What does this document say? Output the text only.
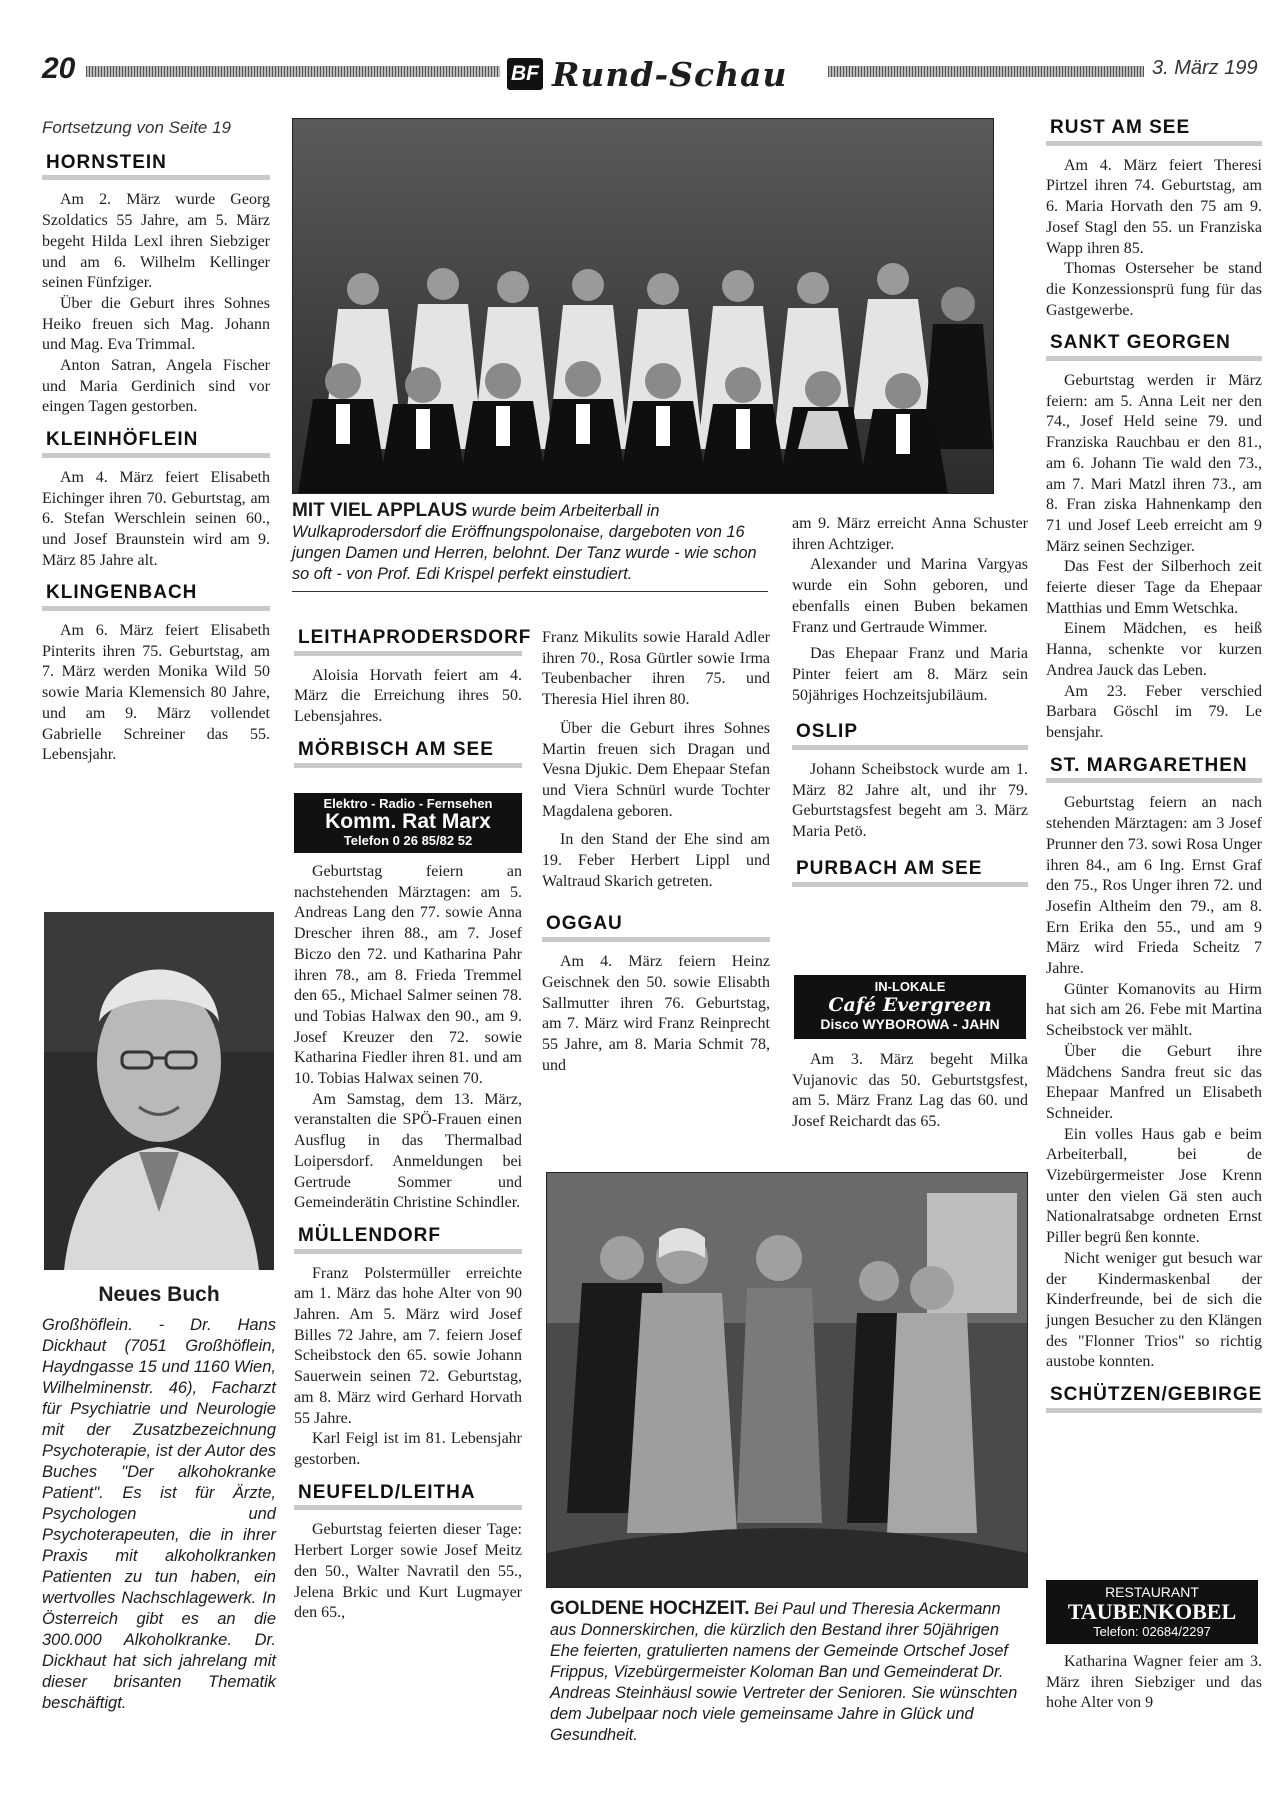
20	BF Rund-Schau	3. März 199
Fortsetzung von Seite 19
HORNSTEIN

Am 2. März wurde Georg Szoldatics 55 Jahre, am 5. März begeht Hilda Lexl ihren Siebziger und am 6. Wilhelm Kellinger seinen Fünfziger.

Über die Geburt ihres Sohnes Heiko freuen sich Mag. Johann und Mag. Eva Trimmal.

Anton Satran, Angela Fischer und Maria Gerdinich sind vor eingen Tagen gestorben.

KLEINHÖFLEIN

Am 4. März feiert Elisabeth Eichinger ihren 70. Geburtstag, am 6. Stefan Werschlein seinen 60., und Josef Braunstein wird am 9. März 85 Jahre alt.

KLINGENBACH

Am 6. März feiert Elisabeth Pinterits ihren 75. Geburtstag, am 7. März werden Monika Wild 50 sowie Maria Klemensich 80 Jahre, und am 9. März vollendet Gabrielle Schreiner das 55. Lebensjahr.

Neues Buch
Großhöflein. - Dr. Hans Dickhaut (7051 Großhöflein, Haydngasse 15 und 1160 Wien, Wilhelminenstr. 46), Facharzt für Psychiatrie und Neurologie mit der Zusatzbezeichnung Psychoterapie, ist der Autor des Buches "Der alkohokranke Patient". Es ist für Ärzte, Psychologen und Psychoterapeuten, die in ihrer Praxis mit alkoholkranken Patienten zu tun haben, ein wertvolles Nachschlagewerk. In Österreich gibt es an die 300.000 Alkoholkranke. Dr. Dickhaut hat sich jahrelang mit dieser brisanten Thematik beschäftigt.
MIT VIEL APPLAUS wurde beim Arbeiterball in Wulkaprodersdorf die Eröffnungspolonaise, dargeboten von 16 jungen Damen und Herren, belohnt. Der Tanz wurde - wie schon so oft - von Prof. Edi Krispel perfekt einstudiert.
LEITHAPRODERSDORF

Aloisia Horvath feiert am 4. März die Erreichung ihres 50. Lebensjahres.

MÖRBISCH AM SEE
Elektro - Radio - Fernsehen
Komm. Rat Marx
Telefon 0 26 85/82 52

Geburtstag feiern an nachstehenden Märztagen: am 5. Andreas Lang den 77. sowie Anna Drescher ihren 88., am 7. Josef Biczo den 72. und Katharina Pahr ihren 78., am 8. Frieda Tremmel den 65., Michael Salmer seinen 78. und Tobias Halwax den 90., am 9. Josef Kreuzer den 72. sowie Katharina Fiedler ihren 81. und am 10. Tobias Halwax seinen 70.

Am Samstag, dem 13. März, veranstalten die SPÖ-Frauen einen Ausflug in das Thermalbad Loipersdorf. Anmeldungen bei Gertrude Sommer und Gemeinderätin Christine Schindler.

MÜLLENDORF

Franz Polstermüller erreichte am 1. März das hohe Alter von 90 Jahren. Am 5. März wird Josef Billes 72 Jahre, am 7. feiern Josef Scheibstock den 65. sowie Johann Sauerwein seinen 72. Geburtstag, am 8. März wird Gerhard Horvath 55 Jahre.

Karl Feigl ist im 81. Lebensjahr gestorben.

NEUFELD/LEITHA

Geburtstag feierten dieser Tage: Herbert Lorger sowie Josef Meitz den 50., Walter Navratil den 55., Jelena Brkic und Kurt Lugmayer den 65.,

Franz Mikulits sowie Harald Adler ihren 70., Rosa Gürtler sowie Irma Teubenbacher ihren 75. und Theresia Hiel ihren 80.

Über die Geburt ihres Sohnes Martin freuen sich Dragan und Vesna Djukic. Dem Ehepaar Stefan und Viera Schnürl wurde Tochter Magdalena geboren.

In den Stand der Ehe sind am 19. Feber Herbert Lippl und Waltraud Skarich getreten.

OGGAU

Am 4. März feiern Heinz Geischnek den 50. sowie Elisabth Sallmutter ihren 76. Geburtstag, am 7. März wird Franz Reinprecht 55 Jahre, am 8. Maria Schmit 78, und

am 9. März erreicht Anna Schuster ihren Achtziger.

Alexander und Marina Vargyas wurde ein Sohn geboren, und ebenfalls einen Buben bekamen Franz und Gertraude Wimmer.

Das Ehepaar Franz und Maria Pinter feiert am 8. März sein 50jähriges Hochzeitsjubiläum.

OSLIP

Johann Scheibstock wurde am 1. März 82 Jahre alt, und ihr 79. Geburtstagsfest begeht am 3. März Maria Petö.

PURBACH AM SEE
IN-LOKALE
Café Evergreen
Disco WYBOROWA - JAHN

Am 3. März begeht Milka Vujanovic das 50. Geburtstgsfest, am 5. März Franz Lag das 60. und Josef Reichardt das 65.

GOLDENE HOCHZEIT. Bei Paul und Theresia Ackermann aus Donnerskirchen, die kürzlich den Bestand ihrer 50jährigen Ehe feierten, gratulierten namens der Gemeinde Ortschef Josef Frippus, Vizebürgermeister Koloman Ban und Gemeinderat Dr. Andreas Steinhäusl sowie Vertreter der Senioren. Sie wünschten dem Jubelpaar noch viele gemeinsame Jahre in Glück und Gesundheit.
RUST AM SEE

Am 4. März feiert Theresi Pirtzel ihren 74. Geburtstag, am 6. Maria Horvath den 75 am 9. Josef Stagl den 55. un Franziska Wapp ihren 85.

Thomas Osterseher be stand die Konzessionsprü fung für das Gastgewerbe.

SANKT GEORGEN

Geburtstag werden ir März feiern: am 5. Anna Leit ner den 74., Josef Held seine 79. und Franziska Rauchbau er den 81., am 6. Johann Tie wald den 73., am 7. Mari Matzl ihren 73., am 8. Fran ziska Hahnenkamp den 71 und Josef Leeb erreicht am 9 März seinen Sechziger.

Das Fest der Silberhoch zeit feierte dieser Tage da Ehepaar Matthias und Emm Wetschka.

Einem Mädchen, es heiß Hanna, schenkte vor kurzen Andrea Jauck das Leben.

Am 23. Feber verschied Barbara Göschl im 79. Le bensjahr.

ST. MARGARETHEN

Geburtstag feiern an nach stehenden Märztagen: am 3 Josef Prunner den 73. sowi Rosa Unger ihren 84., am 6 Ing. Ernst Graf den 75., Ros Unger ihren 72. und Josefin Altheim den 79., am 8. Ern Erika den 55., und am 9 März wird Frieda Scheitz 7 Jahre.

Günter Komanovits au Hirm hat sich am 26. Febe mit Martina Scheibstock ver mählt.

Über die Geburt ihre Mädchens Sandra freut sic das Ehepaar Manfred un Elisabeth Schneider.

Ein volles Haus gab e beim Arbeiterball, bei de Vizebürgermeister Jose Krenn unter den vielen Gä sten auch Nationalratsabge ordneten Ernst Piller begrü ßen konnte.

Nicht weniger gut besuch war der Kindermaskenbal der Kinderfreunde, bei de sich die jungen Besucher zu den Klängen des "Flonner Trios" so richtig austobe konnten.

SCHÜTZEN/GEBIRGE
RESTAURANT
TAUBENKOBEL
Telefon: 02684/2297

Katharina Wagner feier am 3. März ihren Siebziger und das hohe Alter von 9
